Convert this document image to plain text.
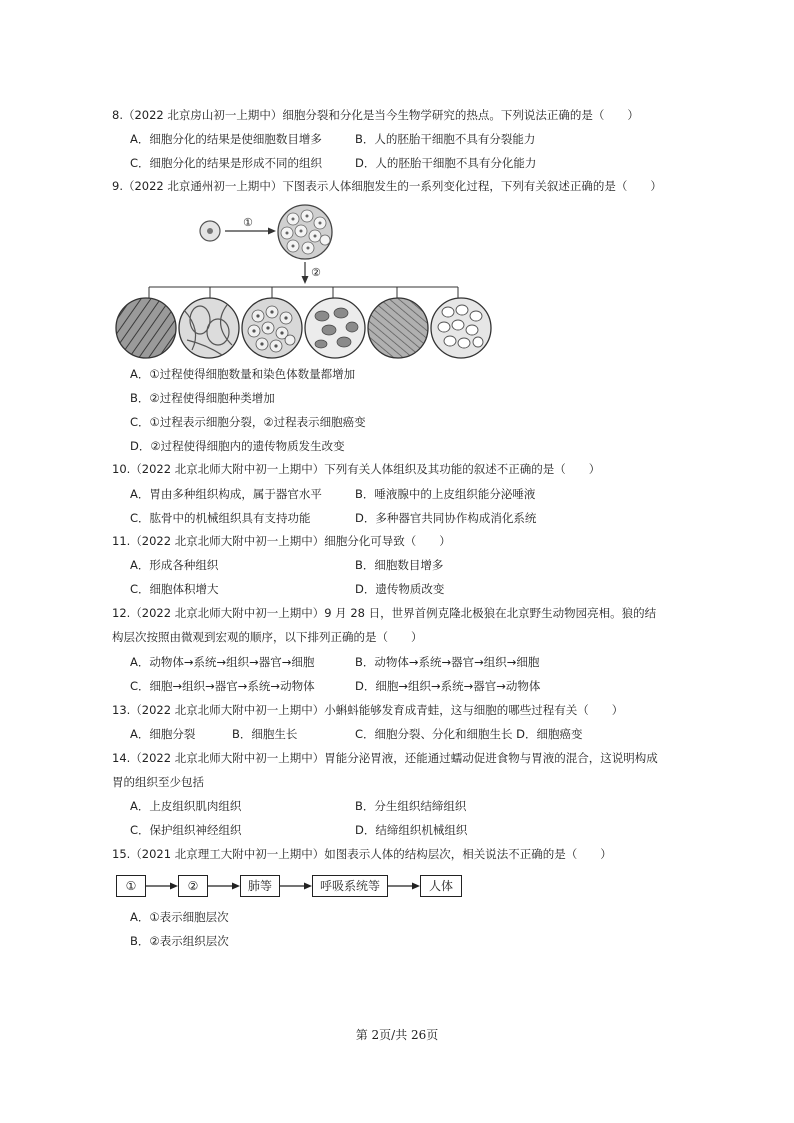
8.（2022 北京房山初一上期中）细胞分裂和分化是当今生物学研究的热点。下列说法正确的是（　　）
A．细胞分化的结果是使细胞数目增多	B．人的胚胎干细胞不具有分裂能力
C．细胞分化的结果是形成不同的组织	D．人的胚胎干细胞不具有分化能力
9.（2022 北京通州初一上期中）下图表示人体细胞发生的一系列变化过程，下列有关叙述正确的是（　　）
①
②
A．①过程使得细胞数量和染色体数量都增加
B．②过程使得细胞种类增加
C．①过程表示细胞分裂，②过程表示细胞癌变
D．②过程使得细胞内的遗传物质发生改变
10.（2022 北京北师大附中初一上期中）下列有关人体组织及其功能的叙述不正确的是（　　）
A．胃由多种组织构成，属于器官水平	B．唾液腺中的上皮组织能分泌唾液
C．肱骨中的机械组织具有支持功能	D．多种器官共同协作构成消化系统
11.（2022 北京北师大附中初一上期中）细胞分化可导致（　　）
A．形成各种组织	B．细胞数目增多
C．细胞体积增大	D．遗传物质改变
12.（2022 北京北师大附中初一上期中）9 月 28 日，世界首例克隆北极狼在北京野生动物园亮相。狼的结
构层次按照由微观到宏观的顺序，以下排列正确的是（　　）
A．动物体→系统→组织→器官→细胞	B．动物体→系统→器官→组织→细胞
C．细胞→组织→器官→系统→动物体	D．细胞→组织→系统→器官→动物体
13.（2022 北京北师大附中初一上期中）小蝌蚪能够发育成青蛙，这与细胞的哪些过程有关（　　）
A．细胞分裂	B．细胞生长	C．细胞分裂、分化和细胞生长 D．细胞癌变
14.（2022 北京北师大附中初一上期中）胃能分泌胃液，还能通过蠕动促进食物与胃液的混合，这说明构成
胃的组织至少包括
A．上皮组织肌肉组织	B．分生组织结缔组织
C．保护组织神经组织	D．结缔组织机械组织
15.（2021 北京理工大附中初一上期中）如图表示人体的结构层次，相关说法不正确的是（　　）
①	②	肺等	呼吸系统等	人体
A．①表示细胞层次
B．②表示组织层次
第 2页/共 26页
